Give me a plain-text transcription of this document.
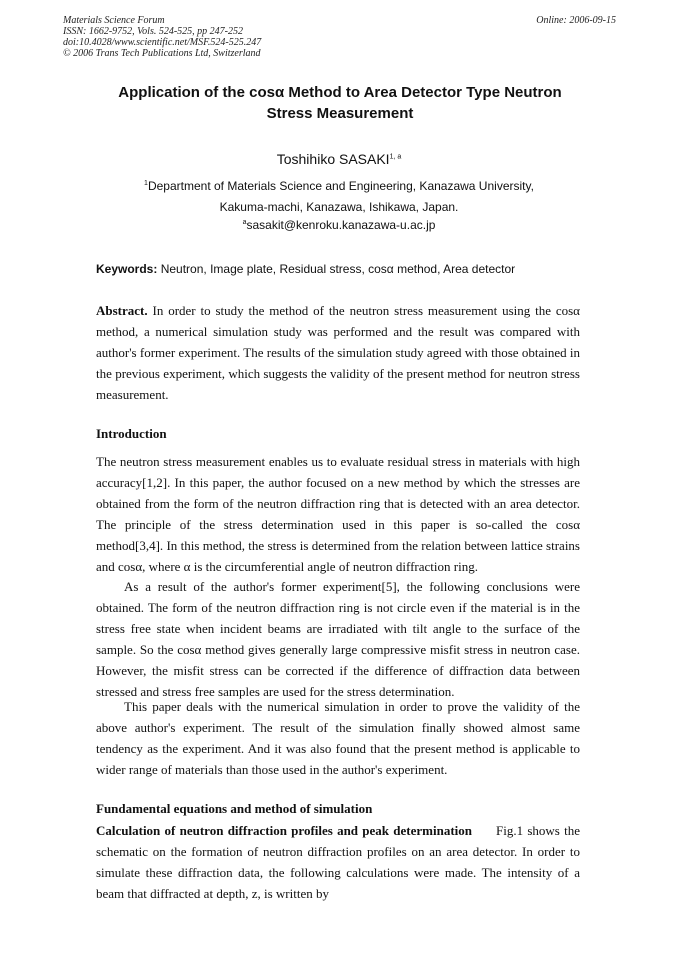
Materials Science Forum
ISSN: 1662-9752, Vols. 524-525, pp 247-252
doi:10.4028/www.scientific.net/MSF.524-525.247
© 2006 Trans Tech Publications Ltd, Switzerland
Online: 2006-09-15
Application of the cosα Method to Area Detector Type Neutron
Stress Measurement
Toshihiko SASAKI$^{1, a}$
$^1$Department of Materials Science and Engineering, Kanazawa University,
Kakuma-machi, Kanazawa, Ishikawa, Japan.
$^a$sasakit@kenroku.kanazawa-u.ac.jp
Keywords: Neutron, Image plate, Residual stress, cosα method, Area detector
Abstract. In order to study the method of the neutron stress measurement using the cosα method, a numerical simulation study was performed and the result was compared with author's former experiment. The results of the simulation study agreed with those obtained in the previous experiment, which suggests the validity of the present method for neutron stress measurement.
Introduction
The neutron stress measurement enables us to evaluate residual stress in materials with high accuracy[1,2]. In this paper, the author focused on a new method by which the stresses are obtained from the form of the neutron diffraction ring that is detected with an area detector. The principle of the stress determination used in this paper is so-called the cosα method[3,4]. In this method, the stress is determined from the relation between lattice strains and cosα, where α is the circumferential angle of neutron diffraction ring.
As a result of the author's former experiment[5], the following conclusions were obtained. The form of the neutron diffraction ring is not circle even if the material is in the stress free state when incident beams are irradiated with tilt angle to the surface of the sample. So the cosα method gives generally large compressive misfit stress in neutron case. However, the misfit stress can be corrected if the difference of diffraction data between stressed and stress free samples are used for the stress determination.
This paper deals with the numerical simulation in order to prove the validity of the above author's experiment. The result of the simulation finally showed almost same tendency as the experiment. And it was also found that the present method is applicable to wider range of materials than those used in the author's experiment.
Fundamental equations and method of simulation
Calculation of neutron diffraction profiles and peak determination Fig.1 shows the schematic on the formation of neutron diffraction profiles on an area detector. In order to simulate these diffraction data, the following calculations were made. The intensity of a beam that diffracted at depth, z, is written by
